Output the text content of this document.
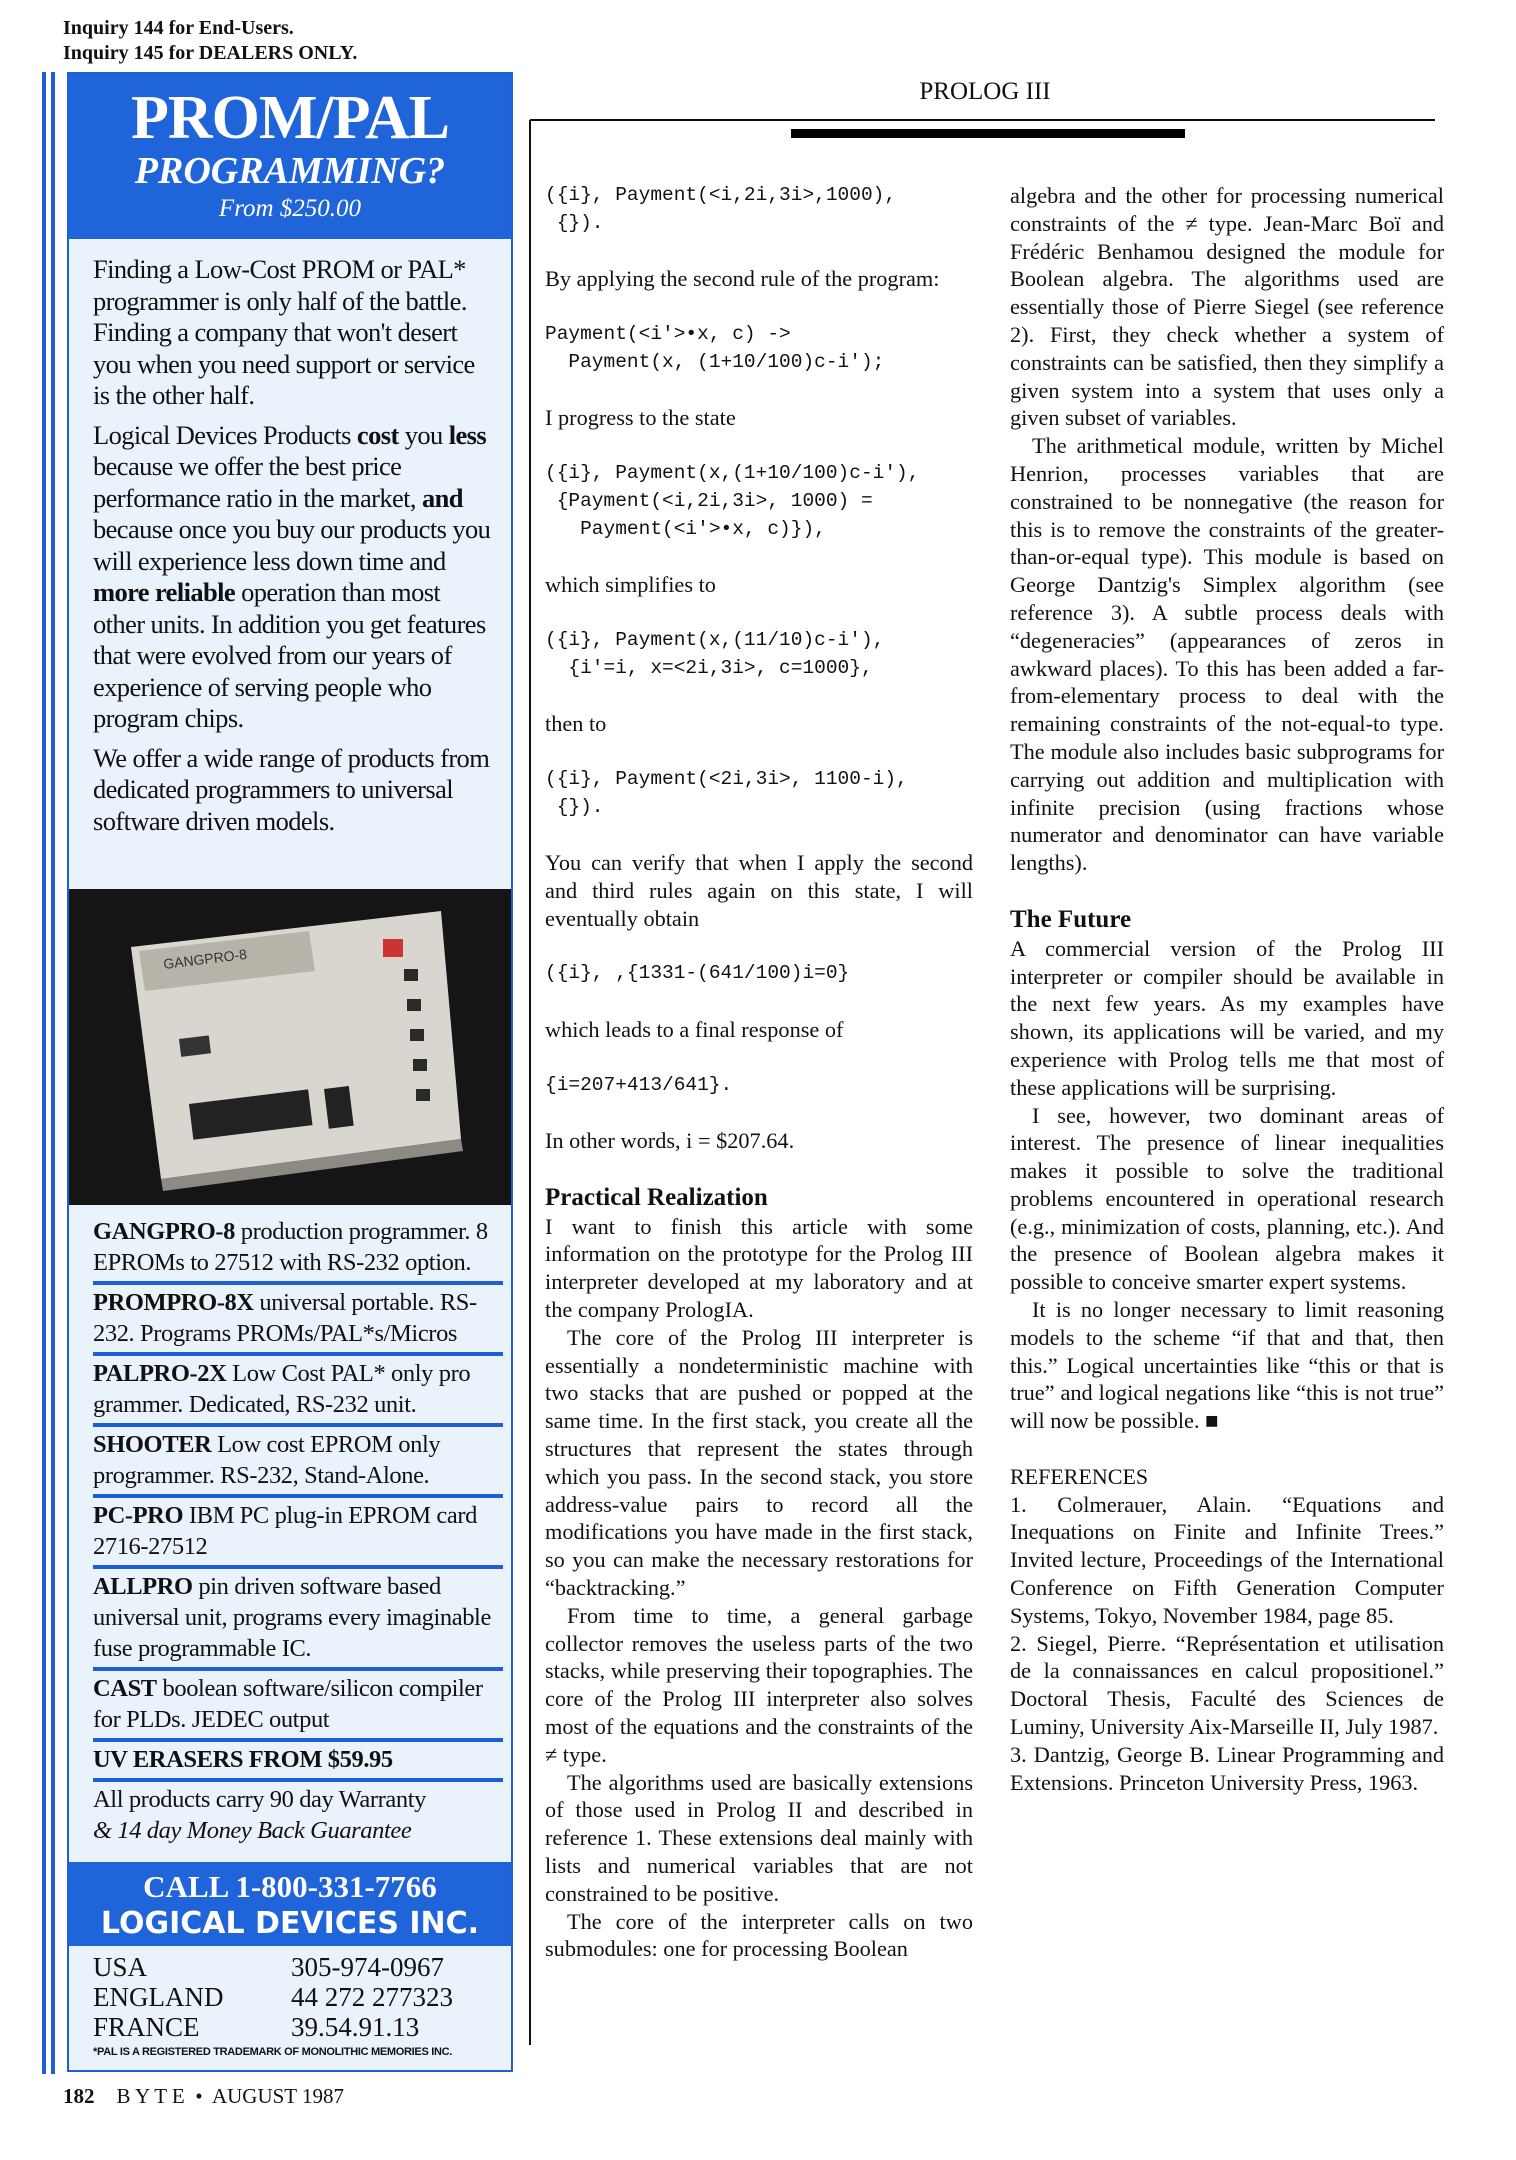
Inquiry 144 for End-Users.
Inquiry 145 for DEALERS ONLY.
PROM/PAL
PROGRAMMING?
From $250.00

Finding a Low-Cost PROM or PAL* programmer is only half of the battle. Finding a company that won't desert you when you need support or service is the other half.

Logical Devices Products cost you less because we offer the best price performance ratio in the market, and because once you buy our products you will experience less down time and more reliable operation than most other units. In addition you get features that were evolved from our years of experience of serving people who program chips.

We offer a wide range of products from dedicated programmers to universal software driven models.

GANGPRO-8
GANGPRO-8 production programmer. 8 EPROMs to 27512 with RS-232 option.
PROMPRO-8X universal portable. RS-232. Programs PROMs/PAL*s/Micros
PALPRO-2X Low Cost PAL* only pro grammer. Dedicated, RS-232 unit.
SHOOTER Low cost EPROM only programmer. RS-232, Stand-Alone.
PC-PRO IBM PC plug-in EPROM card 2716-27512
ALLPRO pin driven software based universal unit, programs every imaginable fuse programmable IC.
CAST boolean software/silicon compiler for PLDs. JEDEC output
UV ERASERS FROM $59.95
All products carry 90 day Warranty
& 14 day Money Back Guarantee
CALL 1-800-331-7766
LOGICAL DEVICES INC.
USA	305-974-0967
ENGLAND	44 272 277323
FRANCE	39.54.91.13
*PAL IS A REGISTERED TRADEMARK OF MONOLITHIC MEMORIES INC.
182 B Y T E  •  AUGUST 1987
PROLOG III
({i}, Payment(<i,2i,3i>,1000),
{}).

By applying the second rule of the program:

Payment(<i'>•x, c) ->
Payment(x, (1+10/100)c-i');

I progress to the state

({i}, Payment(x,(1+10/100)c-i'),
{Payment(<i,2i,3i>, 1000) =
Payment(<i'>•x, c)}),

which simplifies to

({i}, Payment(x,(11/10)c-i'),
{i'=i, x=<2i,3i>, c=1000},

then to

({i}, Payment(<2i,3i>, 1100-i),
{}).

You can verify that when I apply the second and third rules again on this state, I will eventually obtain

({i}, ,{1331-(641/100)i=0}

which leads to a final response of

{i=207+413/641}.

In other words, i = $207.64.

Practical Realization

I want to finish this article with some information on the prototype for the Prolog III interpreter developed at my laboratory and at the company PrologIA.

The core of the Prolog III interpreter is essentially a nondeterministic machine with two stacks that are pushed or popped at the same time. In the first stack, you create all the structures that represent the states through which you pass. In the second stack, you store address-value pairs to record all the modifications you have made in the first stack, so you can make the necessary restorations for “backtracking.”

From time to time, a general garbage collector removes the useless parts of the two stacks, while preserving their topographies. The core of the Prolog III interpreter also solves most of the equations and the constraints of the ≠ type.

The algorithms used are basically extensions of those used in Prolog II and described in reference 1. These extensions deal mainly with lists and numerical variables that are not constrained to be positive.

The core of the interpreter calls on two submodules: one for processing Boolean

algebra and the other for processing numerical constraints of the ≠ type. Jean-Marc Boï and Frédéric Benhamou designed the module for Boolean algebra. The algorithms used are essentially those of Pierre Siegel (see reference 2). First, they check whether a system of constraints can be satisfied, then they simplify a given system into a system that uses only a given subset of variables.

The arithmetical module, written by Michel Henrion, processes variables that are constrained to be nonnegative (the reason for this is to remove the constraints of the greater-than-or-equal type). This module is based on George Dantzig's Simplex algorithm (see reference 3). A subtle process deals with “degeneracies” (appearances of zeros in awkward places). To this has been added a far-from-elementary process to deal with the remaining constraints of the not-equal-to type. The module also includes basic subprograms for carrying out addition and multiplication with infinite precision (using fractions whose numerator and denominator can have variable lengths).

The Future

A commercial version of the Prolog III interpreter or compiler should be available in the next few years. As my examples have shown, its applications will be varied, and my experience with Prolog tells me that most of these applications will be surprising.

I see, however, two dominant areas of interest. The presence of linear inequalities makes it possible to solve the traditional problems encountered in operational research (e.g., minimization of costs, planning, etc.). And the presence of Boolean algebra makes it possible to conceive smarter expert systems.

It is no longer necessary to limit reasoning models to the scheme “if that and that, then this.” Logical uncertainties like “this or that is true” and logical negations like “this is not true” will now be possible. ■

REFERENCES

1. Colmerauer, Alain. “Equations and Inequations on Finite and Infinite Trees.” Invited lecture, Proceedings of the International Conference on Fifth Generation Computer Systems, Tokyo, November 1984, page 85.

2. Siegel, Pierre. “Représentation et utilisation de la connaissances en calcul propositionel.” Doctoral Thesis, Faculté des Sciences de Luminy, University Aix-Marseille II, July 1987.

3. Dantzig, George B. Linear Programming and Extensions. Princeton University Press, 1963.
